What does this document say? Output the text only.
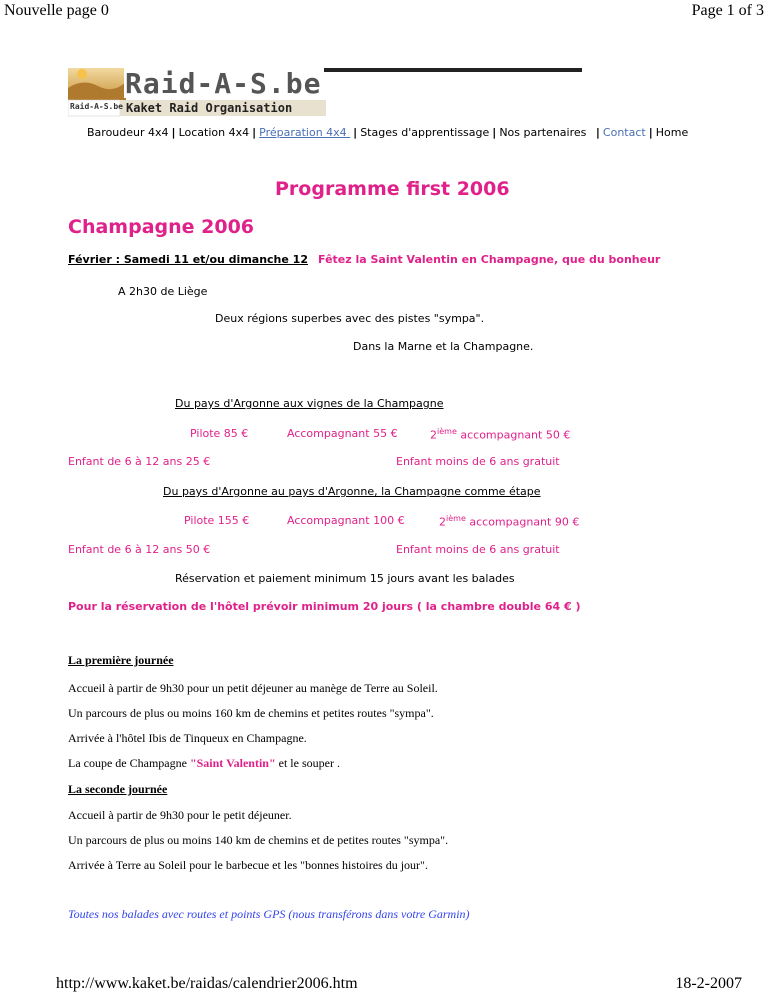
Nouvelle page 0	Page 1 of 3
Raid-A-S.be
Kaket Raid Organisation
Raid-A-S.be
Baroudeur 4x4 | Location 4x4 | Préparation 4x4 | Stages d'apprentissage | Nos partenaires | Contact | Home
Programme first 2006
Champagne 2006
Février : Samedi 11 et/ou dimanche 12 Fêtez la Saint Valentin en Champagne, que du bonheur
A 2h30 de Liège
Deux régions superbes avec des pistes "sympa".
Dans la Marne et la Champagne.
Du pays d'Argonne aux vignes de la Champagne
Pilote 85 €	Accompagnant 55 €	2ième accompagnant 50 €
Enfant de 6 à 12 ans 25 €	Enfant moins de 6 ans gratuit
Du pays d'Argonne au pays d'Argonne, la Champagne comme étape
Pilote 155 €	Accompagnant 100 €	2ième accompagnant 90 €
Enfant de 6 à 12 ans 50 €	Enfant moins de 6 ans gratuit
Réservation et paiement minimum 15 jours avant les balades
Pour la réservation de l'hôtel prévoir minimum 20 jours ( la chambre double 64 € )
La première journée
Accueil à partir de 9h30 pour un petit déjeuner au manège de Terre au Soleil.
Un parcours de plus ou moins 160 km de chemins et petites routes "sympa".
Arrivée à l'hôtel Ibis de Tinqueux en Champagne.
La coupe de Champagne "Saint Valentin" et le souper .
La seconde journée
Accueil à partir de 9h30 pour le petit déjeuner.
Un parcours de plus ou moins 140 km de chemins et de petites routes "sympa".
Arrivée à Terre au Soleil pour le barbecue et les "bonnes histoires du jour".
Toutes nos balades avec routes et points GPS (nous transférons dans votre Garmin)
http://www.kaket.be/raidas/calendrier2006.htm	18-2-2007
